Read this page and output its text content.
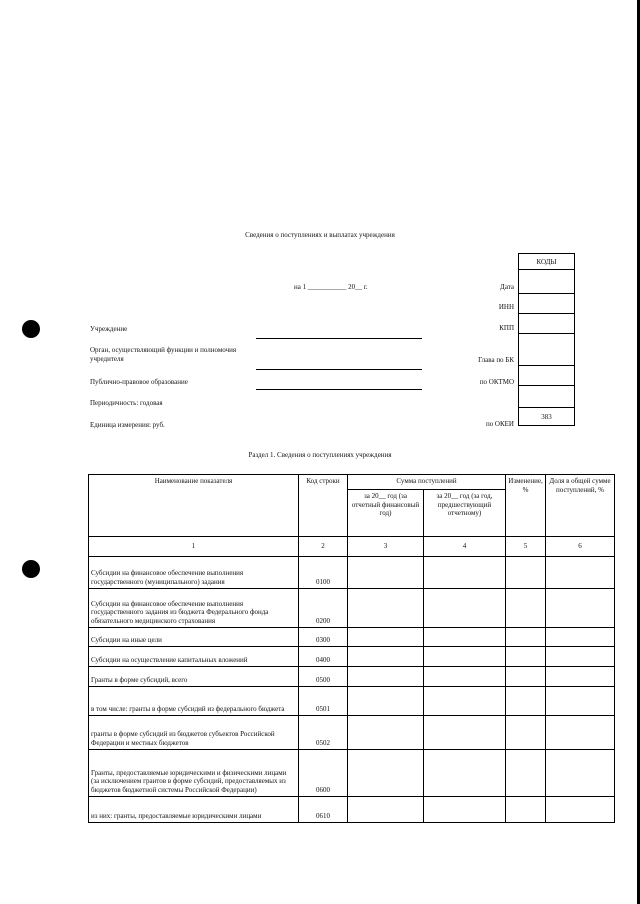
Сведения о поступлениях и выплатах учреждения
на 1 ___________ 20__ г.
КОДЫ
383
Дата
ИНН
КПП
Глава по БК
по ОКТМО
по ОКЕИ
Учреждение
Орган, осуществляющий функции и полномочия учредителя
Публично-правовое образование
Периодичность: годовая
Единица измерения: руб.
Раздел 1. Сведения о поступлениях учреждения
Наименование показателя	Код строки	Сумма поступлений		Изменение, %	Доля в общей сумме поступлений, %
		за 20__ год (за отчетный финансовый год)	за 20__ год (за год, предшествующий отчетному)		
1	2	3	4	5	6
Субсидии на финансовое обеспечение выполнения государственного (муниципального) задания	0100				
Субсидии на финансовое обеспечение выполнения государственного задания из бюджета Федерального фонда обязательного медицинского страхования	0200				
Субсидии на иные цели	0300				
Субсидии на осуществление капитальных вложений	0400				
Гранты в форме субсидий, всего	0500				
в том числе: гранты в форме субсидий из федерального бюджета	0501				
гранты в форме субсидий из бюджетов субъектов Российской Федерации и местных бюджетов	0502				
Гранты, предоставляемые юридическими и физическими лицами (за исключением грантов в форме субсидий, предоставляемых из бюджетов бюджетной системы Российской Федерации)	0600				
из них: гранты, предоставляемые юридическими лицами	0610				
